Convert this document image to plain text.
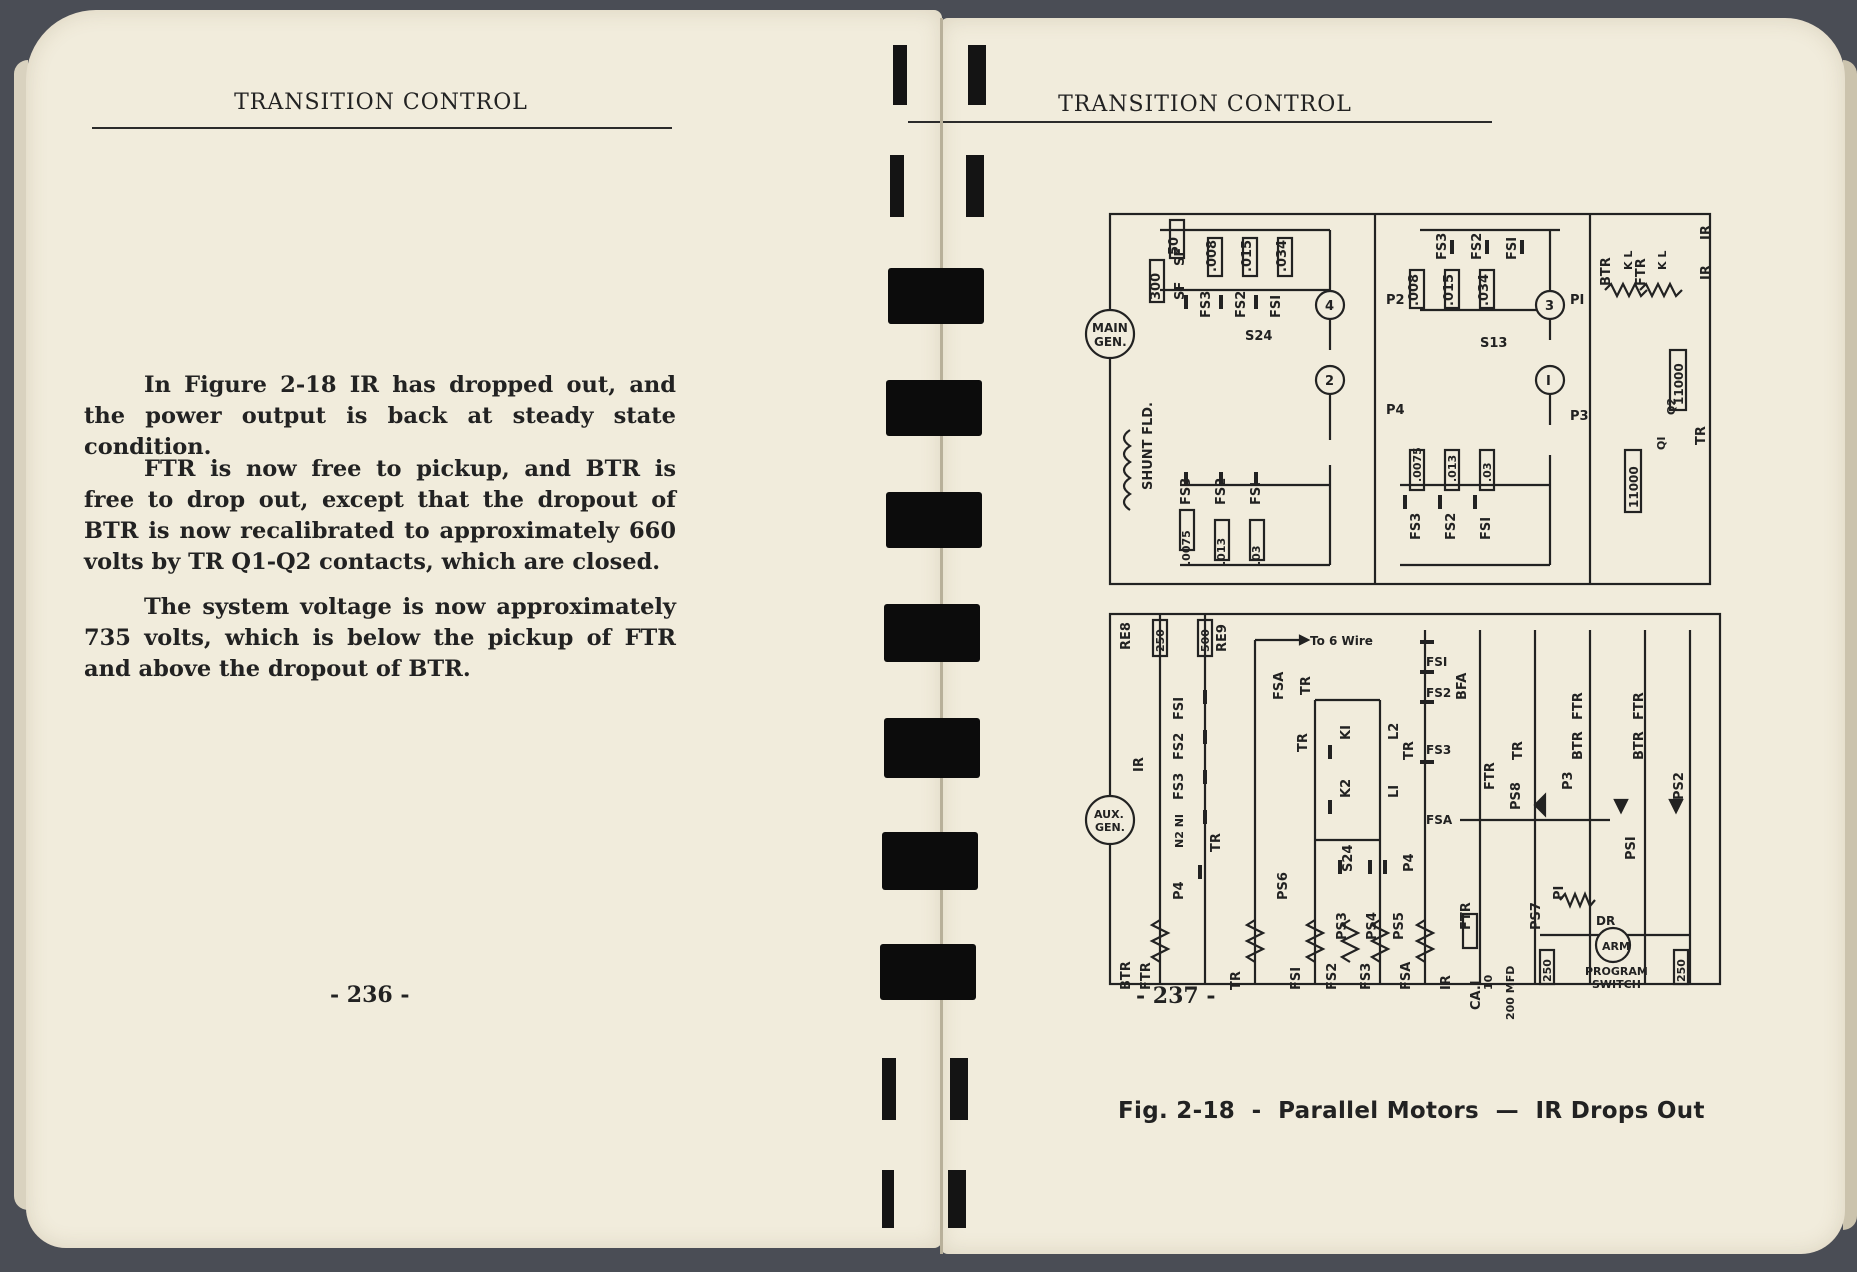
TRANSITION CONTROL

In Figure 2-18 IR has dropped out, and the power output is back at steady state condition.

FTR is now free to pickup, and BTR is free to drop out, except that the dropout of BTR is now recalibrated to approximately 660 volts by TR Q1-Q2 contacts, which are closed.

The system voltage is now approximately 735 volts, which is below the pickup of FTR and above the dropout of BTR.

- 236 -
TRANSITION CONTROL
- 237 -
50
300
SF
SF
.008 .015 .034
FS3 FS2 FSI
.008 .015 .034
FS3 FS2 FSI
MAIN
GEN.
SHUNT FLD.
S24	S13
P2
P4
PI
P3
4
2
3
I
.0075 .013 .03
FS3 FS2 FSI
.0075 .013 .03
FS3 FS2 FSI
BTR FTR
K L K L
IR
IR
11000
11000
QI
Q2
TR
RE8 250	500 RE9	To 6 Wire
FSI
FS2
FS3
N2 NI
P4
IR
TR
AUX.
GEN.
FSA TR
TR
KI
K2
L2
LI
TR
S24	P4
PS6
PS3 PS4 PS5
FSI
FS2
FS3
FSA
BFA
FTR
TR
PS8
P3
FTR
BTR
FTR
BTR
PS2
PSI
FTR	PS7
PI
DR
ARM
PROGRAM
SWITCH
250	250
10 200 MFD
BTR FTR	TR	FSI FS2 FS3 FSA IR CA.I
Fig. 2-18  -  Parallel Motors  —  IR Drops Out
